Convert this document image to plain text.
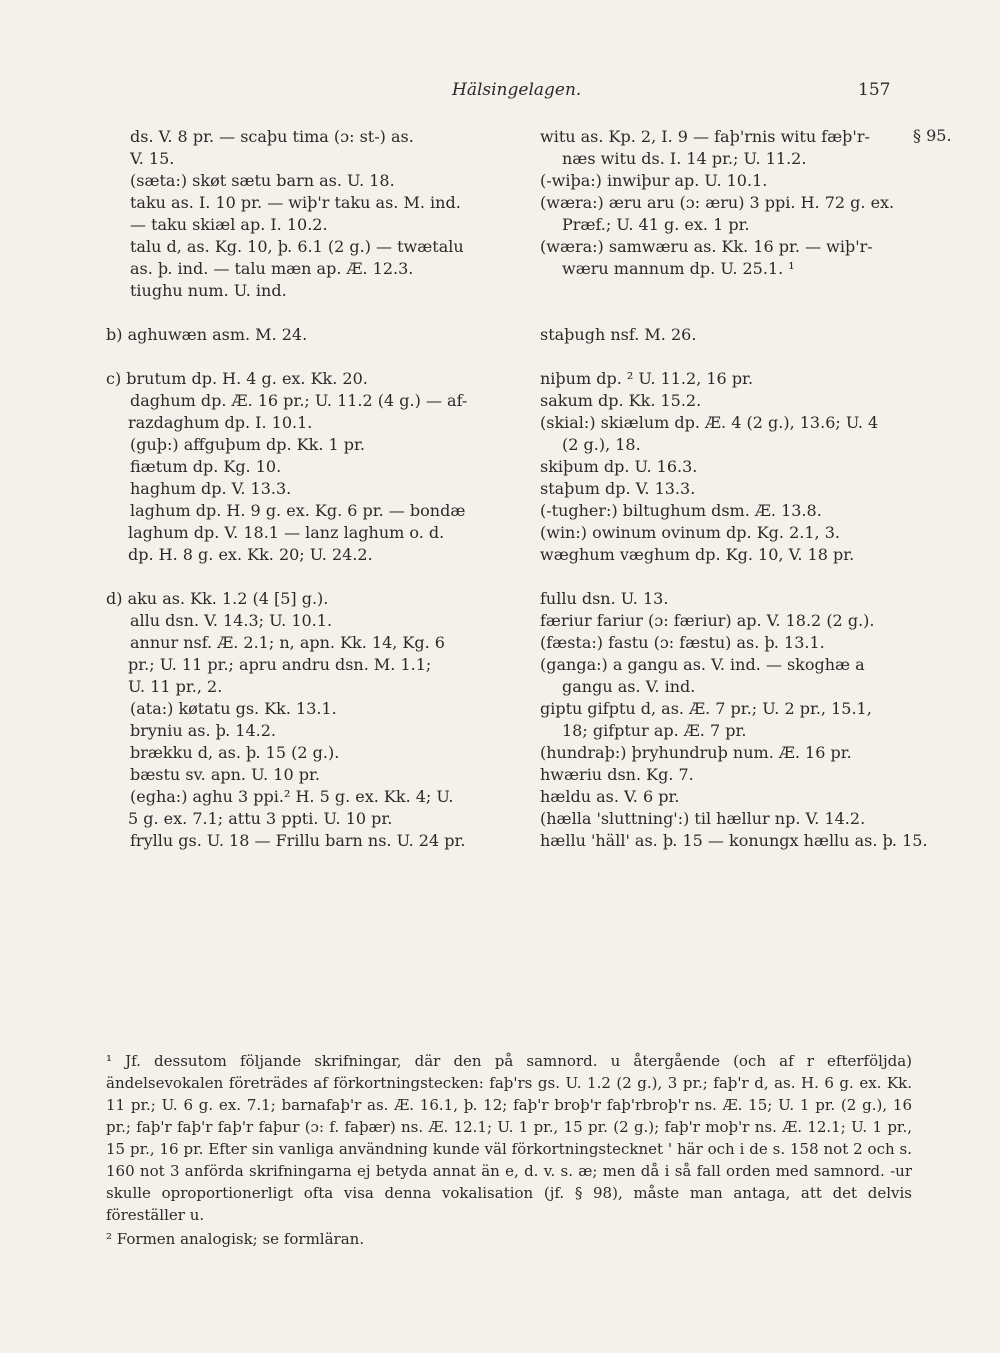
Hälsingelagen.	157
ds. V. 8 pr. — scaþu tima (ɔ: st-) as.
V. 15.
(sæta:) skøt sætu barn as. U. 18.
taku as. I. 10 pr. — wiþ'r taku as. M. ind.
— taku skiæl ap. I. 10.2.
talu d, as. Kg. 10, þ. 6.1 (2 g.) — twætalu
as. þ. ind. — talu mæn ap. Æ. 12.3.
tiughu num. U. ind.
b) aghuwæn asm. M. 24.
c) brutum dp. H. 4 g. ex. Kk. 20.
daghum dp. Æ. 16 pr.; U. 11.2 (4 g.) — af-
razdaghum dp. I. 10.1.
(guþ:) affguþum dp. Kk. 1 pr.
fiætum dp. Kg. 10.
haghum dp. V. 13.3.
laghum dp. H. 9 g. ex. Kg. 6 pr. — bondæ
laghum dp. V. 18.1 — lanz laghum o. d.
dp. H. 8 g. ex. Kk. 20; U. 24.2.
d) aku as. Kk. 1.2 (4 [5] g.).
allu dsn. V. 14.3; U. 10.1.
annur nsf. Æ. 2.1; n, apn. Kk. 14, Kg. 6
pr.; U. 11 pr.; apru andru dsn. M. 1.1;
U. 11 pr., 2.
(ata:) køtatu gs. Kk. 13.1.
bryniu as. þ. 14.2.
brækku d, as. þ. 15 (2 g.).
bæstu sv. apn. U. 10 pr.
(egha:) aghu 3 ppi.² H. 5 g. ex. Kk. 4; U.
5 g. ex. 7.1; attu 3 ppti. U. 10 pr.
fryllu gs. U. 18 — Frillu barn ns. U. 24 pr.
witu as. Kp. 2, I. 9 — faþ'rnis witu fæþ'r-
næs witu ds. I. 14 pr.; U. 11.2.
(-wiþa:) inwiþur ap. U. 10.1.
(wæra:) æru aru (ɔ: æru) 3 ppi. H. 72 g. ex.
Præf.; U. 41 g. ex. 1 pr.
(wæra:) samwæru as. Kk. 16 pr. — wiþ'r-
wæru mannum dp. U. 25.1. ¹
staþugh nsf. M. 26.
niþum dp. ² U. 11.2, 16 pr.
sakum dp. Kk. 15.2.
(skial:) skiælum dp. Æ. 4 (2 g.), 13.6; U. 4
(2 g.), 18.
skiþum dp. U. 16.3.
staþum dp. V. 13.3.
(-tugher:) biltughum dsm. Æ. 13.8.
(win:) owinum ovinum dp. Kg. 2.1, 3.
wæghum væghum dp. Kg. 10, V. 18 pr.
fullu dsn. U. 13.
færiur fariur (ɔ: færiur) ap. V. 18.2 (2 g.).
(fæsta:) fastu (ɔ: fæstu) as. þ. 13.1.
(ganga:) a gangu as. V. ind. — skoghæ a
gangu as. V. ind.
giptu gifptu d, as. Æ. 7 pr.; U. 2 pr., 15.1,
18; gifptur ap. Æ. 7 pr.
(hundraþ:) þryhundruþ num. Æ. 16 pr.
hwæriu dsn. Kg. 7.
hældu as. V. 6 pr.
(hælla 'sluttning':) til hællur np. V. 14.2.
hællu 'häll' as. þ. 15 — konungx hællu as. þ. 15.
§ 95.

¹ Jf. dessutom följande skrifningar, där den på samnord. u återgående (och af r efterföljda) ändelsevokalen företrädes af förkortningstecken: faþ'rs gs. U. 1.2 (2 g.), 3 pr.; faþ'r d, as. H. 6 g. ex. Kk. 11 pr.; U. 6 g. ex. 7.1; barnafaþ'r as. Æ. 16.1, þ. 12; faþ'r broþ'r faþ'rbroþ'r ns. Æ. 15; U. 1 pr. (2 g.), 16 pr.; faþ'r faþ'r faþ'r faþur (ɔ: f. faþær) ns. Æ. 12.1; U. 1 pr., 15 pr. (2 g.); faþ'r moþ'r ns. Æ. 12.1; U. 1 pr., 15 pr., 16 pr. Efter sin vanliga användning kunde väl förkortningstecknet ' här och i de s. 158 not 2 och s. 160 not 3 anförda skrifningarna ej betyda annat än e, d. v. s. æ; men då i så fall orden med samnord. -ur skulle oproportionerligt ofta visa denna vokalisation (jf. § 98), måste man antaga, att det delvis föreställer u.

² Formen analogisk; se formläran.
